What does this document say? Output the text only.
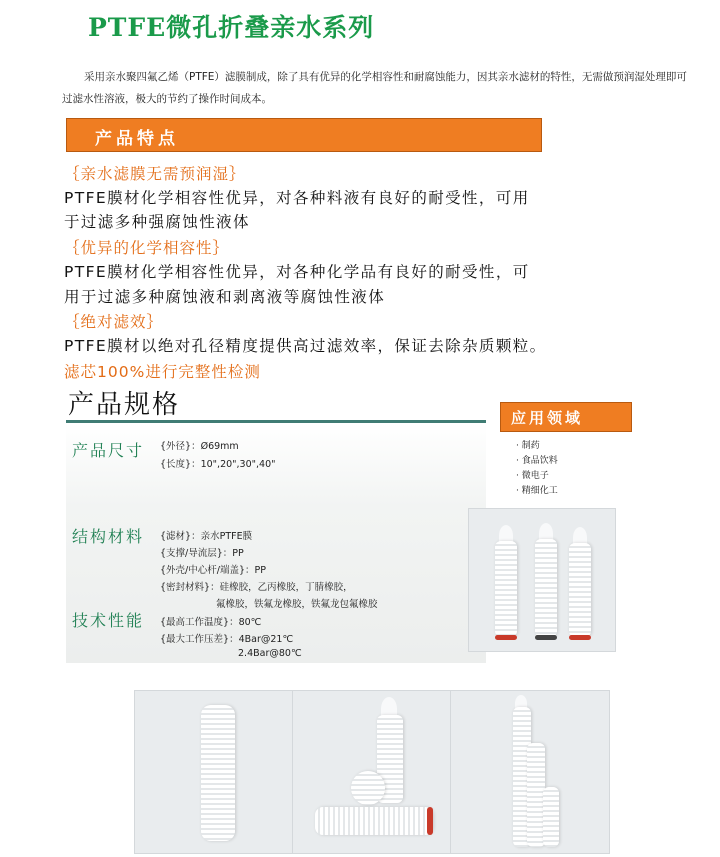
PTFE微孔折叠亲水系列
采用亲水聚四氟乙烯（PTFE）滤膜制成，除了具有优异的化学相容性和耐腐蚀能力，因其亲水滤材的特性，无需做预润湿处理即可过滤水性溶液，极大的节约了操作时间成本。
产品特点
｛亲水滤膜无需预润湿｝
PTFE膜材化学相容性优异，对各种料液有良好的耐受性，可用
于过滤多种强腐蚀性液体
｛优异的化学相容性｝
PTFE膜材化学相容性优异，对各种化学品有良好的耐受性，可
用于过滤多种腐蚀液和剥离液等腐蚀性液体
｛绝对滤效｝
PTFE膜材以绝对孔径精度提供高过滤效率，保证去除杂质颗粒。
滤芯100%进行完整性检测
产品规格
产品尺寸 {外径}：Ø69mm
{长度}：10",20",30",40"
结构材料 {滤材}：亲水PTFE膜
{支撑/导流层}：PP
{外壳/中心杆/端盖}：PP
{密封材料}：硅橡胶，乙丙橡胶，丁腈橡胶，
氟橡胶，铁氟龙橡胶，铁氟龙包氟橡胶
技术性能 {最高工作温度}：80℃
{最大工作压差}：4Bar@21℃
2.4Bar@80℃
应用领域
· 制药
· 食品饮料
· 微电子
· 精细化工
